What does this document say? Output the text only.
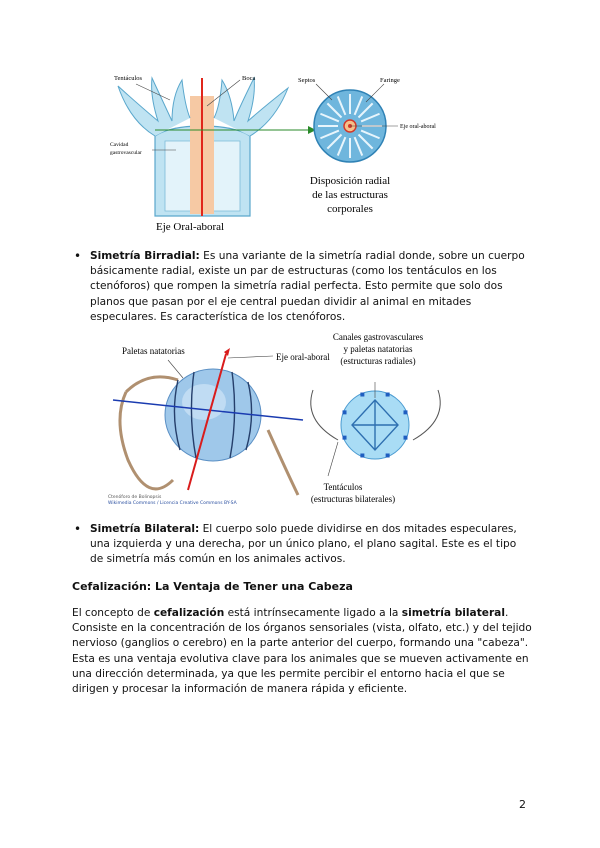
Tentáculos	Boca
Cavidad
gastrovascular
Eje Oral-aboral
Septos	Faringe
Eje oral-aboral
Disposición radial
de las estructuras
corporales
• Simetría Birradial: Es una variante de la simetría radial donde, sobre un cuerpo básicamente radial, existe un par de estructuras (como los tentáculos en los ctenóforos) que rompen la simetría radial perfecta. Esto permite que solo dos planos que pasan por el eje central puedan dividir al animal en mitades especulares. Es característica de los ctenóforos.
Paletas natatorias
Eje oral-aboral
Canales gastrovasculares
y paletas natatorias
(estructuras radiales)
Tentáculos
(estructuras bilaterales)
Ctenóforo de Bolinopsis
Wikimedia Commons / Licencia Creative Commons BY-SA
• Simetría Bilateral: El cuerpo solo puede dividirse en dos mitades especulares, una izquierda y una derecha, por un único plano, el plano sagital. Este es el tipo de simetría más común en los animales activos.
Cefalización: La Ventaja de Tener una Cabeza
El concepto de cefalización está intrínsecamente ligado a la simetría bilateral. Consiste en la concentración de los órganos sensoriales (vista, olfato, etc.) y del tejido nervioso (ganglios o cerebro) en la parte anterior del cuerpo, formando una "cabeza". Esta es una ventaja evolutiva clave para los animales que se mueven activamente en una dirección determinada, ya que les permite percibir el entorno hacia el que se dirigen y procesar la información de manera rápida y eficiente.
2
